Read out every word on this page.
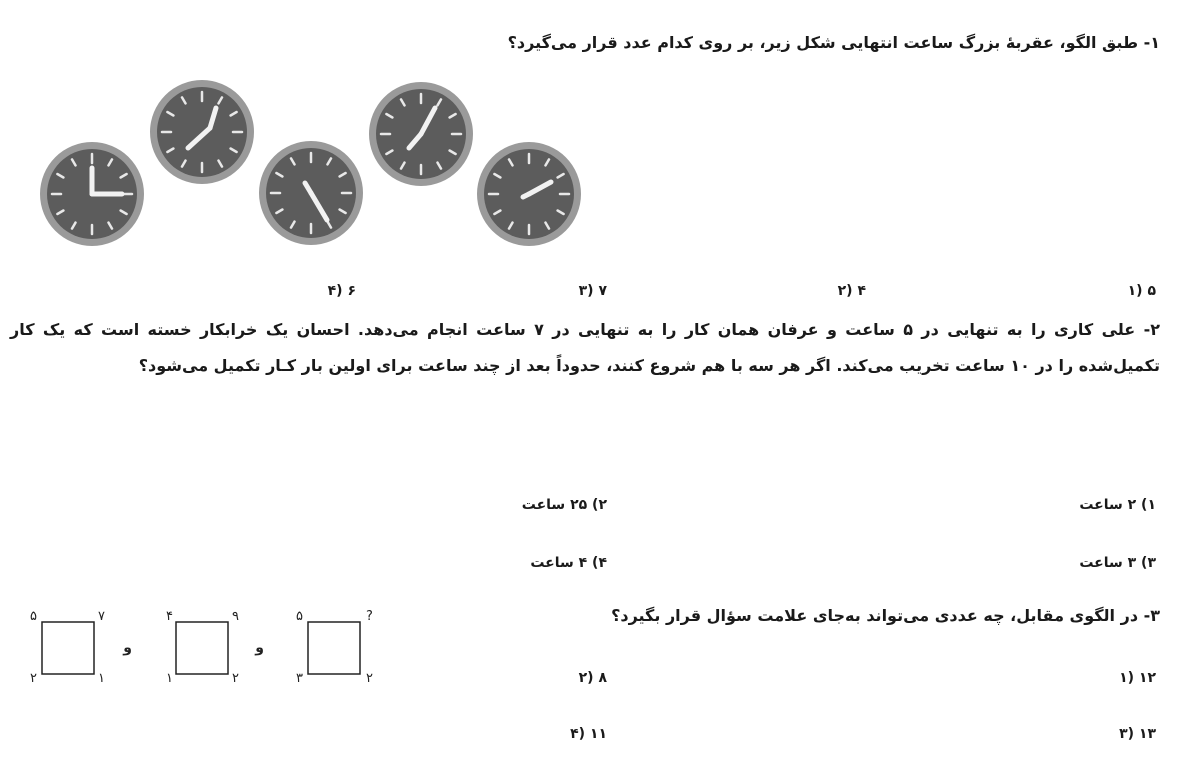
۱- طبق الگو، عقربهٔ بزرگ ساعت انتهایی شکل زیر، بر روی کدام عدد قرار می‌گیرد؟
۵ (۱
۴ (۲
۷ (۳
۶ (۴
۲- علی کاری را به تنهایی در ۵ ساعت و عرفان همان کار را به تنهایی در ۷ ساعت انجام می‌دهد. احسان یک خرابکار خسته است که یک کار تکمیل‌شده را در ۱۰ ساعت تخریب می‌کند. اگر هر سه با هم شروع کنند، حدوداً بعد از چند ساعت برای اولین بار کـار تکمیل می‌شود؟
۱) ۲ ساعت
۲) ۲۵ ساعت
۳) ۳ ساعت
۴) ۴ ساعت
۳- در الگوی مقابل، چه عددی می‌تواند به‌جای علامت سؤال قرار بگیرد؟
۱۲ (۱
۸ (۲
۱۳ (۳
۱۱ (۴
۵	۷
۲	۱
و
۴	۹
۱	۲
و
۵	?
۳	۲
